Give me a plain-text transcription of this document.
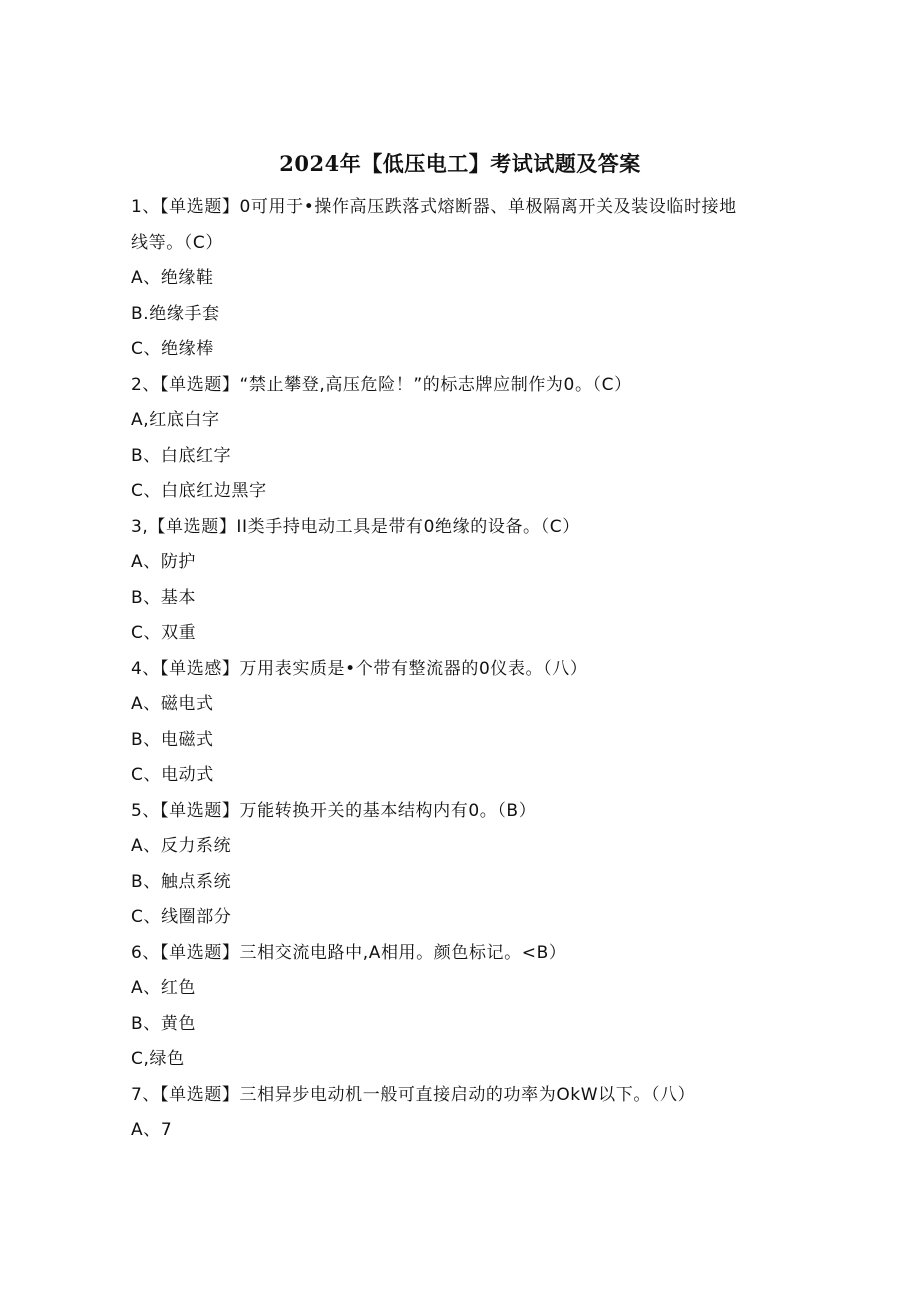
2024年【低压电工】考试试题及答案
1、【单选题】0可用于•操作高压跌落式熔断器、单极隔离开关及装设临时接地
线等。（C）
A、绝缘鞋
B.绝缘手套
C、绝缘棒
2、【单选题】“禁止攀登,高压危险！”的标志牌应制作为0。（C）
A,红底白字
B、白底红字
C、白底红边黑字
3,【单选题】II类手持电动工具是带有0绝缘的设备。（C）
A、防护
B、基本
C、双重
4、【单选感】万用表实质是•个带有整流器的0仪表。（八）
A、磁电式
B、电磁式
C、电动式
5、【单选题】万能转换开关的基本结构内有0。（B）
A、反力系统
B、触点系统
C、线圈部分
6、【单选题】三相交流电路中,A相用。颜色标记。<B）
A、红色
B、黄色
C,绿色
7、【单选题】三相异步电动机一般可直接启动的功率为OkW以下。（八）
A、7
